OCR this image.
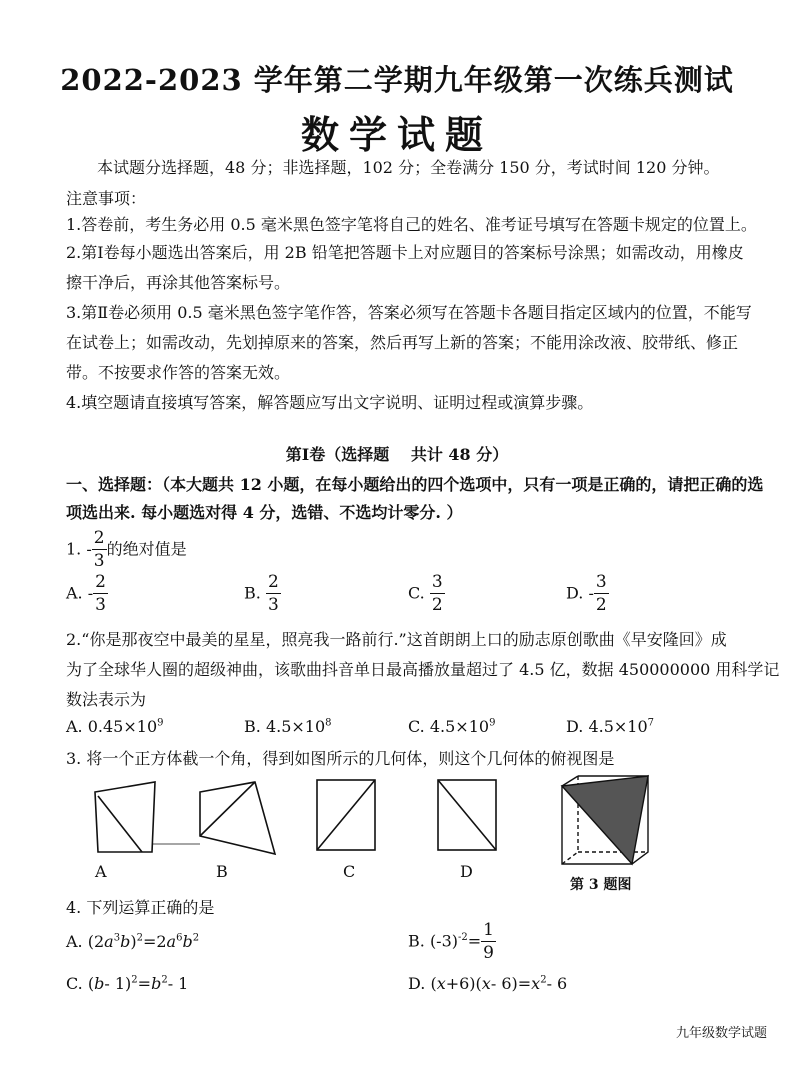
2022-2023 学年第二学期九年级第一次练兵测试
数学试题
本试题分选择题，48 分；非选择题，102 分；全卷满分 150 分，考试时间 120 分钟。
注意事项：
1.答卷前，考生务必用 0.5 毫米黑色签字笔将自己的姓名、准考证号填写在答题卡规定的位置上。
2.第Ⅰ卷每小题选出答案后，用 2B 铅笔把答题卡上对应题目的答案标号涂黑；如需改动，用橡皮
擦干净后，再涂其他答案标号。
3.第Ⅱ卷必须用 0.5 毫米黑色签字笔作答，答案必须写在答题卡各题目指定区域内的位置，不能写
在试卷上；如需改动，先划掉原来的答案，然后再写上新的答案；不能用涂改液、胶带纸、修正
带。不按要求作答的答案无效。
4.填空题请直接填写答案，解答题应写出文字说明、证明过程或演算步骤。
第Ⅰ卷（选择题　 共计 48 分）
一、选择题：（本大题共 12 小题，在每小题给出的四个选项中，只有一项是正确的，请把正确的选
项选出来. 每小题选对得 4 分，选错、不选均计零分. ）
1. - $\frac{2}{3}$ 的绝对值是
A. - $\frac{2}{3}$	B. $\frac{2}{3}$	C. $\frac{3}{2}$	D. - $\frac{3}{2}$
2.“你是那夜空中最美的星星，照亮我一路前行.”这首朗朗上口的励志原创歌曲《早安隆回》成
为了全球华人圈的超级神曲，该歌曲抖音单日最高播放量超过了 4.5 亿，数据 450000000 用科学记
数法表示为
A. $0.45\times 10^9$	B. $4.5\times 10^8$	C. $4.5\times 10^9$	D. $4.5\times 10^7$
3. 将一个正方体截一个角，得到如图所示的几何体，则这个几何体的俯视图是
A	B	C	D
第 3 题图
4. 下列运算正确的是
A. $(2a^3b)^2=2a^6b^2$	B. $(-3)^{-2}= \frac{1}{9}$
C. (b- $1)^2=b^2-$ 1	D. (x+6)(x- $6)=x^2-$ 6
九年级数学试题
